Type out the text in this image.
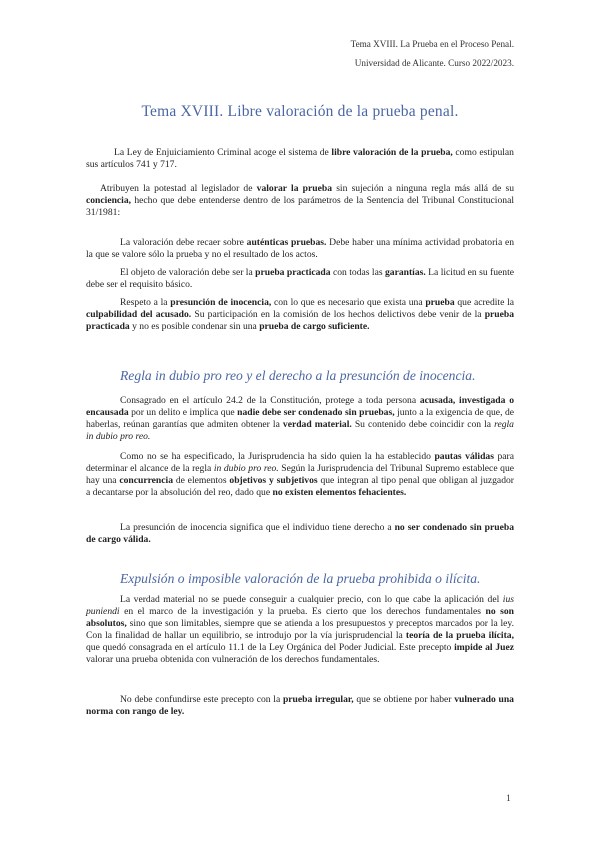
Tema XVIII. La Prueba en el Proceso Penal.
Universidad de Alicante. Curso 2022/2023.
Tema XVIII. Libre valoración de la prueba penal.

La Ley de Enjuiciamiento Criminal acoge el sistema de libre valoración de la prueba, como estipulan sus artículos 741 y 717.

Atribuyen la potestad al legislador de valorar la prueba sin sujeción a ninguna regla más allá de su conciencia, hecho que debe entenderse dentro de los parámetros de la Sentencia del Tribunal Constitucional 31/1981:

La valoración debe recaer sobre auténticas pruebas. Debe haber una mínima actividad probatoria en la que se valore sólo la prueba y no el resultado de los actos.

El objeto de valoración debe ser la prueba practicada con todas las garantías. La licitud en su fuente debe ser el requisito básico.

Respeto a la presunción de inocencia, con lo que es necesario que exista una prueba que acredite la culpabilidad del acusado. Su participación en la comisión de los hechos delictivos debe venir de la prueba practicada y no es posible condenar sin una prueba de cargo suficiente.

Regla in dubio pro reo y el derecho a la presunción de inocencia.

Consagrado en el artículo 24.2 de la Constitución, protege a toda persona acusada, investigada o encausada por un delito e implica que nadie debe ser condenado sin pruebas, junto a la exigencia de que, de haberlas, reúnan garantías que admiten obtener la verdad material. Su contenido debe coincidir con la regla in dubio pro reo.

Como no se ha especificado, la Jurisprudencia ha sido quien la ha establecido pautas válidas para determinar el alcance de la regla in dubio pro reo. Según la Jurisprudencia del Tribunal Supremo establece que hay una concurrencia de elementos objetivos y subjetivos que integran al tipo penal que obligan al juzgador a decantarse por la absolución del reo, dado que no existen elementos fehacientes.

La presunción de inocencia significa que el individuo tiene derecho a no ser condenado sin prueba de cargo válida.

Expulsión o imposible valoración de la prueba prohibida o ilícita.

La verdad material no se puede conseguir a cualquier precio, con lo que cabe la aplicación del ius puniendi en el marco de la investigación y la prueba. Es cierto que los derechos fundamentales no son absolutos, sino que son limitables, siempre que se atienda a los presupuestos y preceptos marcados por la ley. Con la finalidad de hallar un equilibrio, se introdujo por la vía jurisprudencial la teoría de la prueba ilícita, que quedó consagrada en el artículo 11.1 de la Ley Orgánica del Poder Judicial. Este precepto impide al Juez valorar una prueba obtenida con vulneración de los derechos fundamentales.

No debe confundirse este precepto con la prueba irregular, que se obtiene por haber vulnerado una norma con rango de ley.

1
